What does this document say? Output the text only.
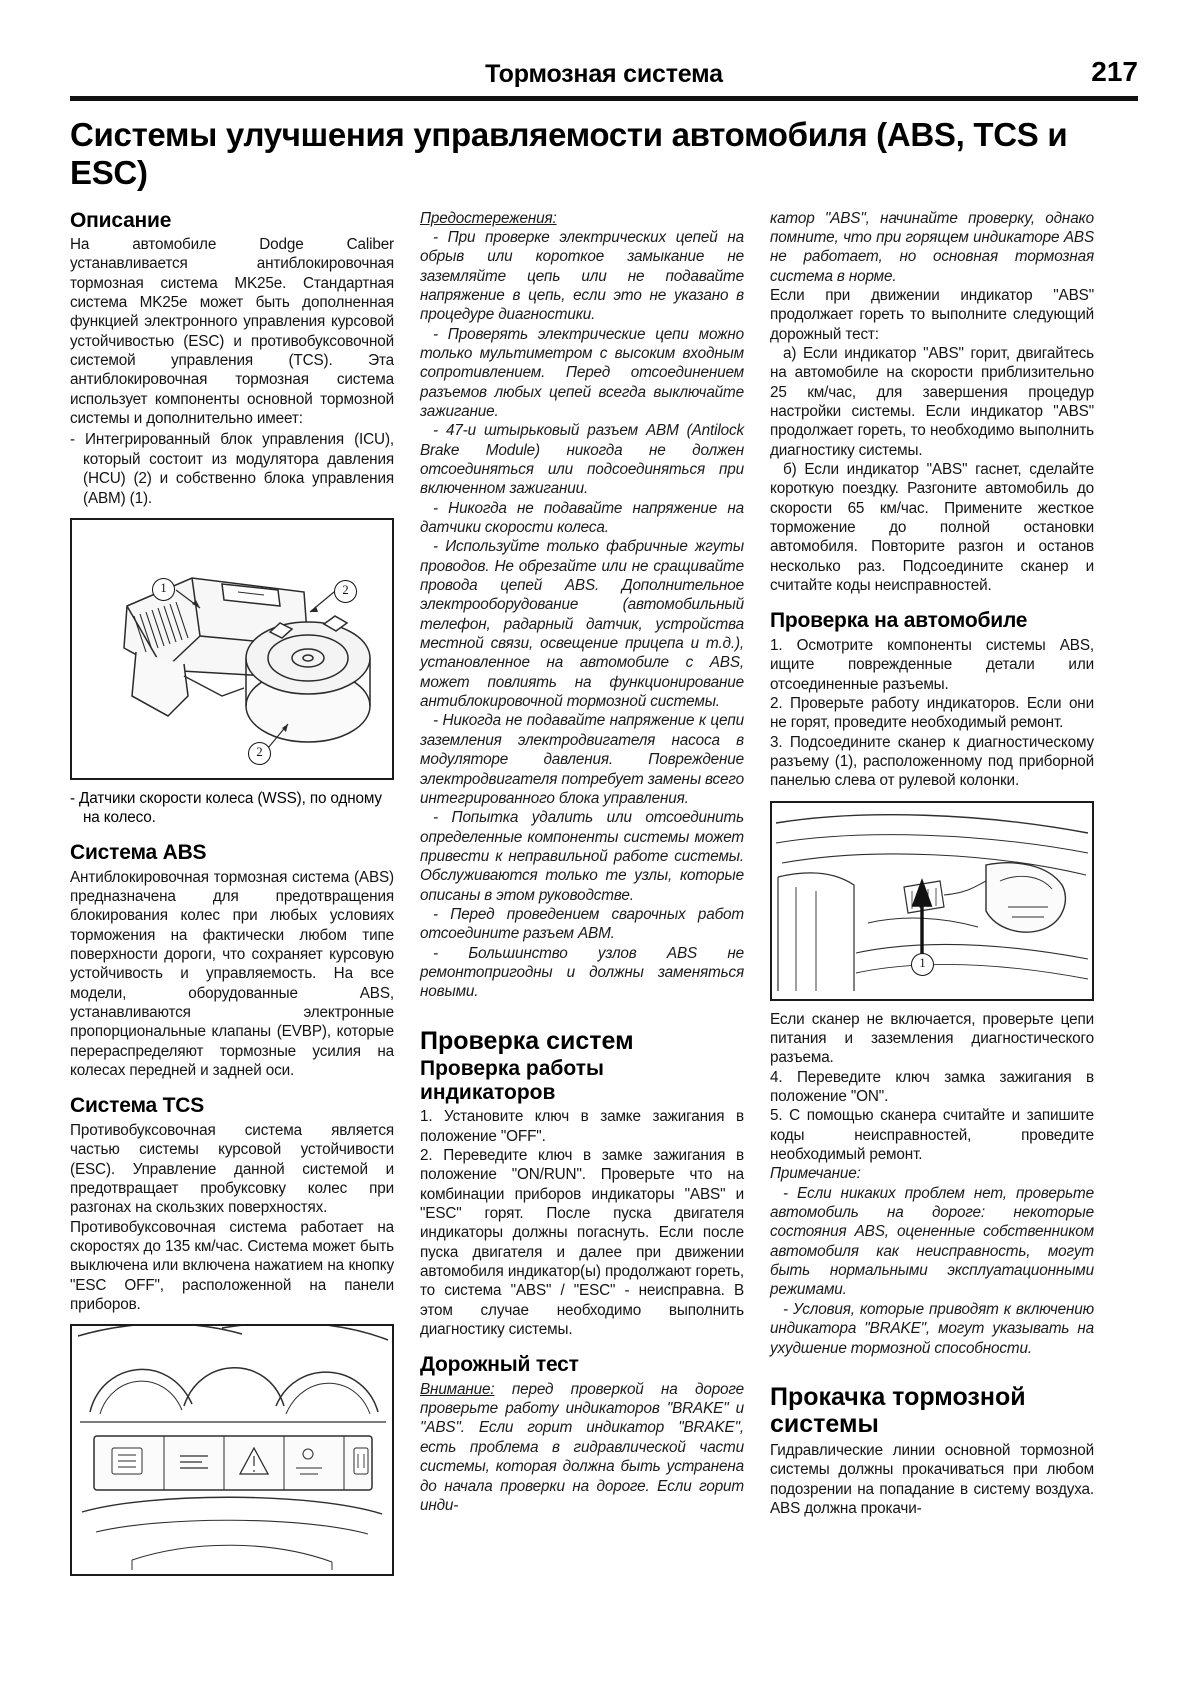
Тормозная система	217
Системы улучшения управляемости автомобиля (ABS, TCS и ESC)
Описание

На автомобиле Dodge Caliber устанавливается антиблокировочная тормозная система MK25e. Стандартная система MK25e может быть дополненная функцией электронного управления курсовой устойчивостью (ESC) и противобуксовочной системой управления (TCS). Эта антиблокировочная тормозная система использует компоненты основной тормозной системы и дополнительно имеет:

- Интегрированный блок управления (ICU), который состоит из модулятора давления (HCU) (2) и собственно блока управления (ABM) (1).

1	2
2

- Датчики скорости колеса (WSS), по одному на колесо.

Система ABS

Антиблокировочная тормозная система (ABS) предназначена для предотвращения блокирования колес при любых условиях торможения на фактически любом типе поверхности дороги, что сохраняет курсовую устойчивость и управляемость. На все модели, оборудованные ABS, устанавливаются электронные пропорциональные клапаны (EVBP), которые перераспределяют тормозные усилия на колесах передней и задней оси.

Система TCS

Противобуксовочная система является частью системы курсовой устойчивости (ESC). Управление данной системой и предотвращает пробуксовку колес при разгонах на скользких поверхностях.

Противобуксовочная система работает на скоростях до 135 км/час. Система может быть выключена или включена нажатием на кнопку "ESC OFF", расположенной на панели приборов.

Предостережения:

- При проверке электрических цепей на обрыв или короткое замыкание не заземляйте цепь или не подавайте напряжение в цепь, если это не указано в процедуре диагностики.

- Проверять электрические цепи можно только мультиметром с высоким входным сопротивлением. Перед отсоединением разъемов любых цепей всегда выключайте зажигание.

- 47-и штырьковый разъем ABM (Antilock Brake Module) никогда не должен отсоединяться или подсоединяться при включенном зажигании.

- Никогда не подавайте напряжение на датчики скорости колеса.

- Используйте только фабричные жгуты проводов. Не обрезайте или не сращивайте провода цепей ABS. Дополнительное электрооборудование (автомобильный телефон, радарный датчик, устройства местной связи, освещение прицепа и т.д.), установленное на автомобиле с ABS, может повлиять на функционирование антиблокировочной тормозной системы.

- Никогда не подавайте напряжение к цепи заземления электродвигателя насоса в модуляторе давления. Повреждение электродвигателя потребует замены всего интегрированного блока управления.

- Попытка удалить или отсоединить определенные компоненты системы может привести к неправильной работе системы. Обслуживаются только те узлы, которые описаны в этом руководстве.

- Перед проведением сварочных работ отсоедините разъем ABM.

- Большинство узлов ABS не ремонтопригодны и должны заменяться новыми.

Проверка систем
Проверка работы индикаторов

1. Установите ключ в замке зажигания в положение "OFF".

2. Переведите ключ в замке зажигания в положение "ON/RUN". Проверьте что на комбинации приборов индикаторы "ABS" и "ESC" горят. После пуска двигателя индикаторы должны погаснуть. Если после пуска двигателя и далее при движении автомобиля индикатор(ы) продолжают гореть, то система "ABS" / "ESC" - неисправна. В этом случае необходимо выполнить диагностику системы.

Дорожный тест

Внимание: перед проверкой на дороге проверьте работу индикаторов "BRAKE" и "ABS". Если горит индикатор "BRAKE", есть проблема в гидравлической части системы, которая должна быть устранена до начала проверки на дороге. Если горит инди-

катор "ABS", начинайте проверку, однако помните, что при горящем индикаторе ABS не работает, но основная тормозная система в норме.

Если при движении индикатор "ABS" продолжает гореть то выполните следующий дорожный тест:

а) Если индикатор "ABS" горит, двигайтесь на автомобиле на скорости приблизительно 25 км/час, для завершения процедур настройки системы. Если индикатор "ABS" продолжает гореть, то необходимо выполнить диагностику системы.

б) Если индикатор "ABS" гаснет, сделайте короткую поездку. Разгоните автомобиль до скорости 65 км/час. Примените жесткое торможение до полной остановки автомобиля. Повторите разгон и останов несколько раз. Подсоедините сканер и считайте коды неисправностей.

Проверка на автомобиле

1. Осмотрите компоненты системы ABS, ищите поврежденные детали или отсоединенные разъемы.

2. Проверьте работу индикаторов. Если они не горят, проведите необходимый ремонт.

3. Подсоедините сканер к диагностическому разъему (1), расположенному под приборной панелью слева от рулевой колонки.

1

Если сканер не включается, проверьте цепи питания и заземления диагностического разъема.

4. Переведите ключ замка зажигания в положение "ON".

5. С помощью сканера считайте и запишите коды неисправностей, проведите необходимый ремонт.

Примечание:

- Если никаких проблем нет, проверьте автомобиль на дороге: некоторые состояния ABS, оцененные собственником автомобиля как неисправность, могут быть нормальными эксплуатационными режимами.

- Условия, которые приводят к включению индикатора "BRAKE", могут указывать на ухудшение тормозной способности.

Прокачка тормозной системы

Гидравлические линии основной тормозной системы должны прокачиваться при любом подозрении на попадание в систему воздуха. ABS должна прокачи-
